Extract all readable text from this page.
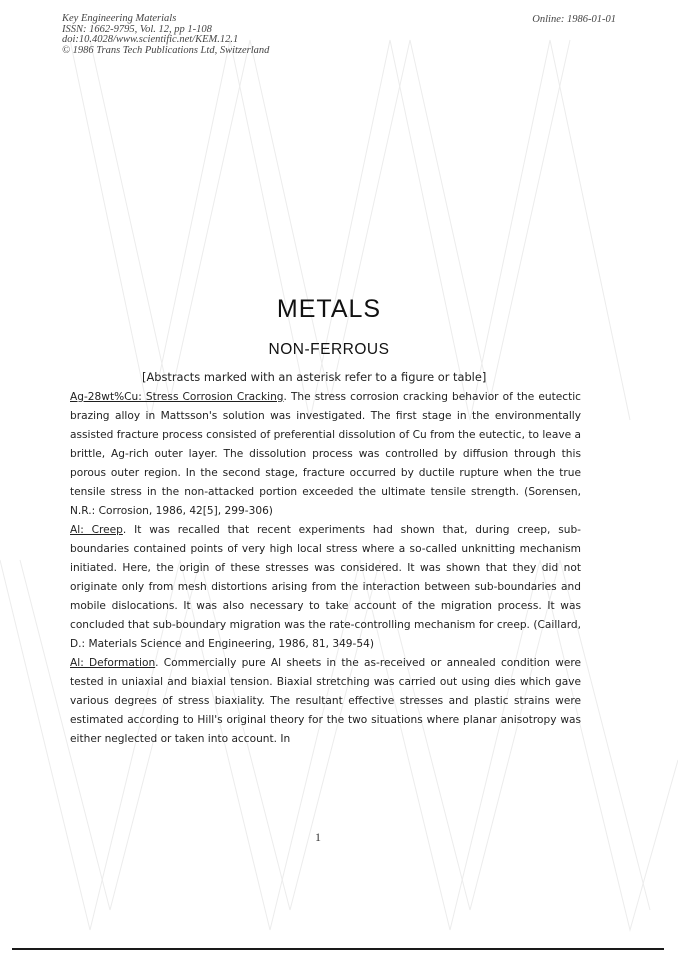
Key Engineering Materials
ISSN: 1662-9795, Vol. 12, pp 1-108
doi:10.4028/www.scientific.net/KEM.12.1
© 1986 Trans Tech Publications Ltd, Switzerland
Online: 1986-01-01
METALS
NON-FERROUS
[Abstracts marked with an asterisk refer to a figure or table]

Ag-28wt%Cu: Stress Corrosion Cracking. The stress corrosion cracking behavior of the eutectic brazing alloy in Mattsson's solution was investigated. The first stage in the environmentally assisted fracture process consisted of preferential dissolution of Cu from the eutectic, to leave a brittle, Ag-rich outer layer. The dissolution process was controlled by diffusion through this porous outer region. In the second stage, fracture occurred by ductile rupture when the true tensile stress in the non-attacked portion exceeded the ultimate tensile strength. (Sorensen, N.R.: Corrosion, 1986, 42[5], 299-306)

Al: Creep. It was recalled that recent experiments had shown that, during creep, sub-boundaries contained points of very high local stress where a so-called unknitting mechanism initiated. Here, the origin of these stresses was considered. It was shown that they did not originate only from mesh distortions arising from the interaction between sub-boundaries and mobile dislocations. It was also necessary to take account of the migration process. It was concluded that sub-boundary migration was the rate-controlling mechanism for creep. (Caillard, D.: Materials Science and Engineering, 1986, 81, 349-54)

Al: Deformation. Commercially pure Al sheets in the as-received or annealed condition were tested in uniaxial and biaxial tension. Biaxial stretching was carried out using dies which gave various degrees of stress biaxiality. The resultant effective stresses and plastic strains were estimated according to Hill's original theory for the two situations where planar anisotropy was either neglected or taken into account. In

1
